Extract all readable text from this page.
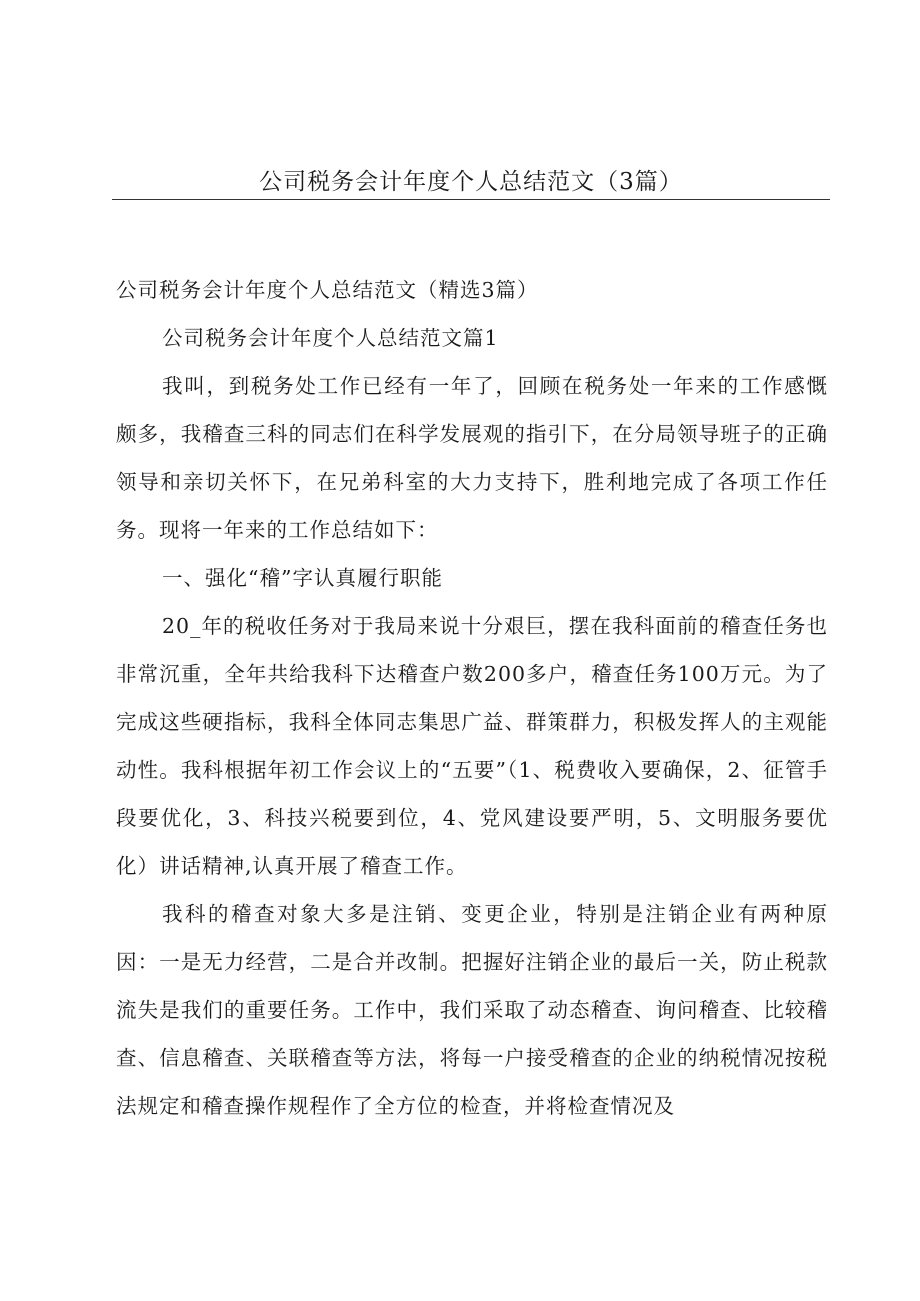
公司税务会计年度个人总结范文（3篇）

公司税务会计年度个人总结范文（精选3篇）

公司税务会计年度个人总结范文篇1

我叫，到税务处工作已经有一年了，回顾在税务处一年来的工作感慨颇多，我稽查三科的同志们在科学发展观的指引下，在分局领导班子的正确领导和亲切关怀下，在兄弟科室的大力支持下，胜利地完成了各项工作任务。现将一年来的工作总结如下：

一、强化“稽”字认真履行职能

20_年的税收任务对于我局来说十分艰巨，摆在我科面前的稽查任务也非常沉重，全年共给我科下达稽查户数200多户，稽查任务100万元。为了完成这些硬指标，我科全体同志集思广益、群策群力，积极发挥人的主观能动性。我科根据年初工作会议上的“五要”（1、税费收入要确保，2、征管手段要优化，3、科技兴税要到位，4、党风建设要严明，5、文明服务要优化）讲话精神,认真开展了稽查工作。

我科的稽查对象大多是注销、变更企业，特别是注销企业有两种原因：一是无力经营，二是合并改制。把握好注销企业的最后一关，防止税款流失是我们的重要任务。工作中，我们采取了动态稽查、询问稽查、比较稽查、信息稽查、关联稽查等方法，将每一户接受稽查的企业的纳税情况按税法规定和稽查操作规程作了全方位的检查，并将检查情况及
